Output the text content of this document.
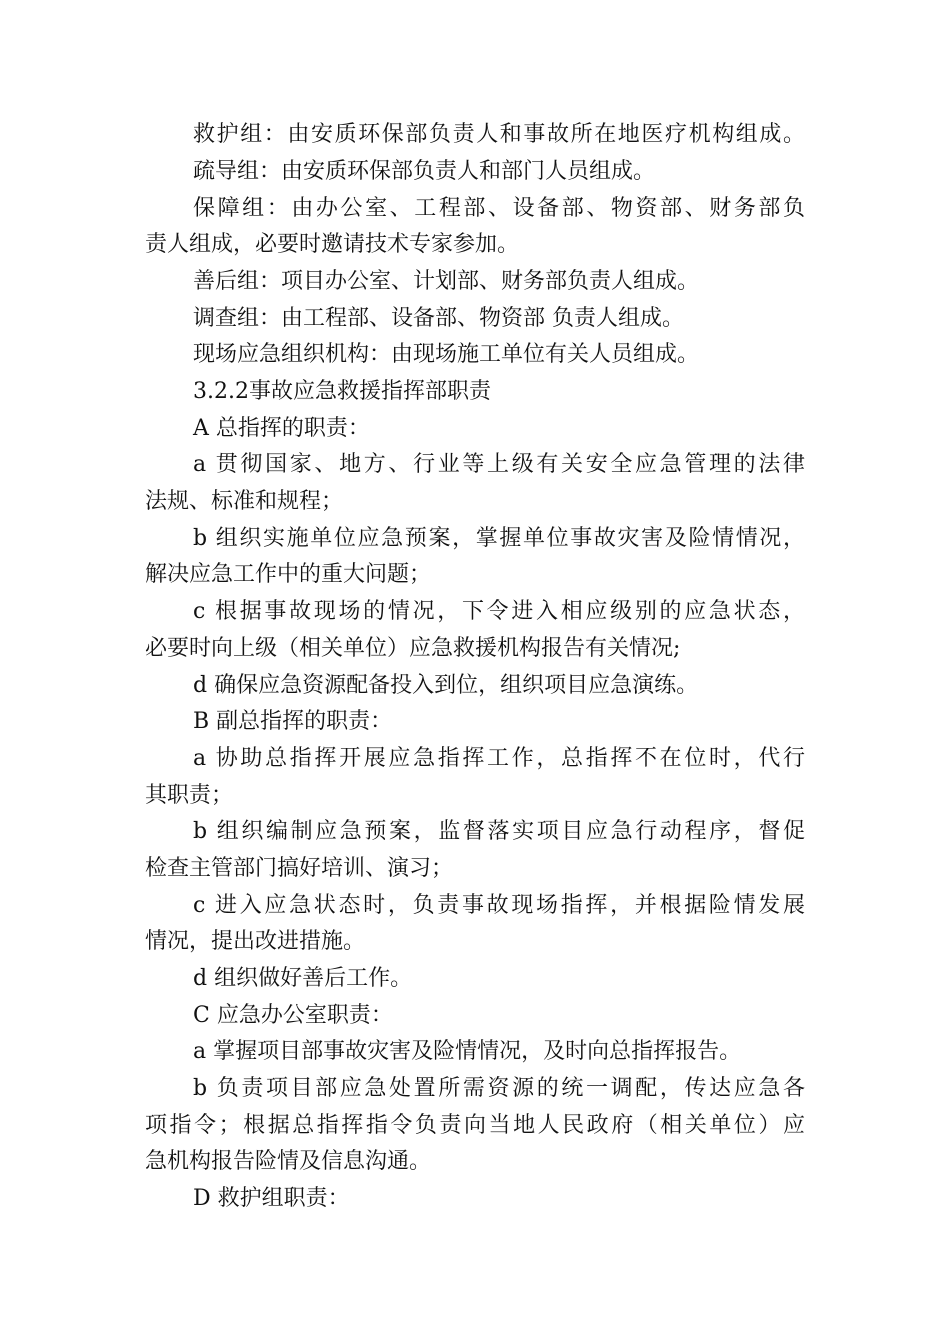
救护组：由安质环保部负责人和事故所在地医疗机构组成。
疏导组：由安质环保部负责人和部门人员组成。
保障组：由办公室、工程部、设备部、物资部、财务部负
责人组成，必要时邀请技术专家参加。
善后组：项目办公室、计划部、财务部负责人组成。
调查组：由工程部、设备部、物资部 负责人组成。
现场应急组织机构：由现场施工单位有关人员组成。
3.2.2事故应急救援指挥部职责
A 总指挥的职责：
a 贯彻国家、地方、行业等上级有关安全应急管理的法律
法规、标准和规程；
b 组织实施单位应急预案，掌握单位事故灾害及险情情况，
解决应急工作中的重大问题；
c 根据事故现场的情况，下令进入相应级别的应急状态，
必要时向上级（相关单位）应急救援机构报告有关情况;
d 确保应急资源配备投入到位，组织项目应急演练。
B 副总指挥的职责：
a 协助总指挥开展应急指挥工作，总指挥不在位时，代行
其职责；
b 组织编制应急预案，监督落实项目应急行动程序，督促
检查主管部门搞好培训、演习；
c 进入应急状态时，负责事故现场指挥，并根据险情发展
情况，提出改进措施。
d 组织做好善后工作。
C 应急办公室职责：
a 掌握项目部事故灾害及险情情况，及时向总指挥报告。
b 负责项目部应急处置所需资源的统一调配，传达应急各
项指令；根据总指挥指令负责向当地人民政府（相关单位）应
急机构报告险情及信息沟通。
D 救护组职责：
